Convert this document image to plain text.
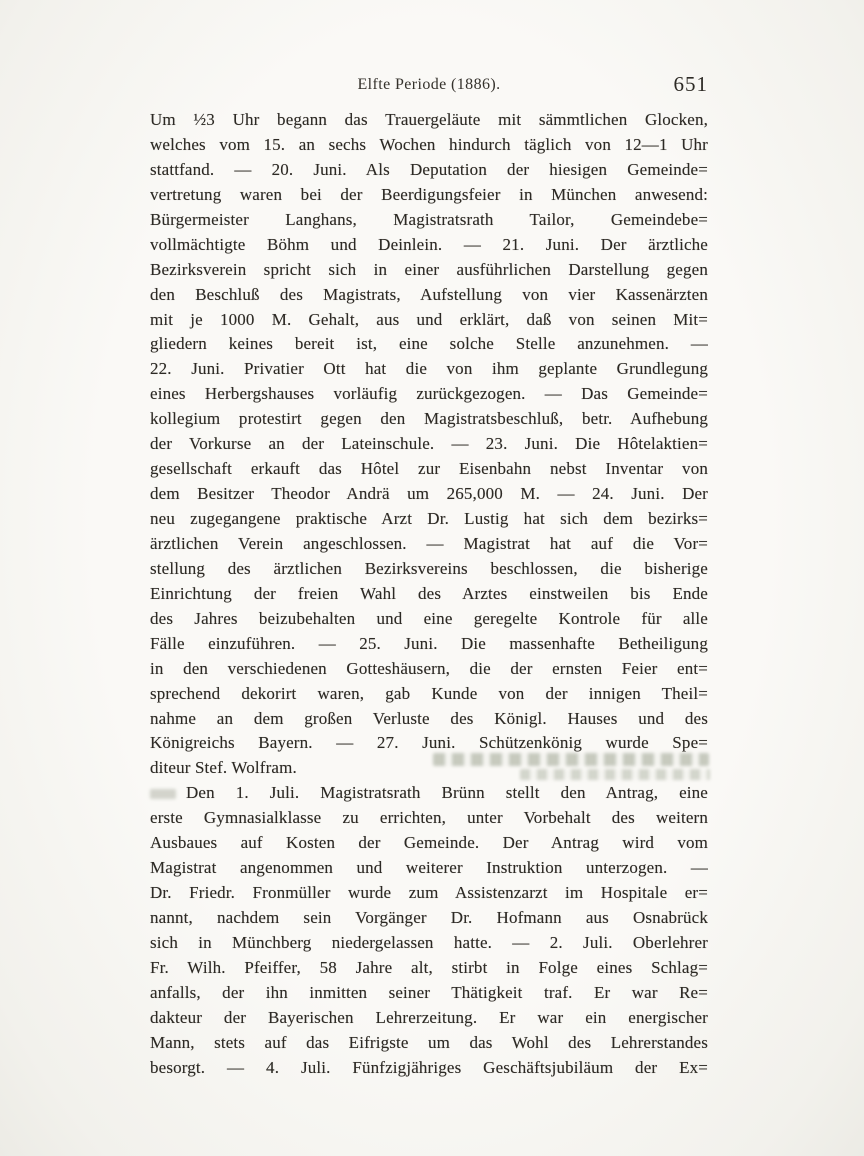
Elfte Periode (1886).	651
Um ½3 Uhr begann das Trauergeläute mit sämmtlichen Glocken,
welches vom 15. an sechs Wochen hindurch täglich von 12—1 Uhr
stattfand. — 20. Juni. Als Deputation der hiesigen Gemeinde=
vertretung waren bei der Beerdigungsfeier in München anwesend:
Bürgermeister Langhans, Magistratsrath Tailor, Gemeindebe=
vollmächtigte Böhm und Deinlein. — 21. Juni. Der ärztliche
Bezirksverein spricht sich in einer ausführlichen Darstellung gegen
den Beschluß des Magistrats, Aufstellung von vier Kassenärzten
mit je 1000 M. Gehalt, aus und erklärt, daß von seinen Mit=
gliedern keines bereit ist, eine solche Stelle anzunehmen. —
22. Juni. Privatier Ott hat die von ihm geplante Grundlegung
eines Herbergshauses vorläufig zurückgezogen. — Das Gemeinde=
kollegium protestirt gegen den Magistratsbeschluß, betr. Aufhebung
der Vorkurse an der Lateinschule. — 23. Juni. Die Hôtelaktien=
gesellschaft erkauft das Hôtel zur Eisenbahn nebst Inventar von
dem Besitzer Theodor Andrä um 265,000 M. — 24. Juni. Der
neu zugegangene praktische Arzt Dr. Lustig hat sich dem bezirks=
ärztlichen Verein angeschlossen. — Magistrat hat auf die Vor=
stellung des ärztlichen Bezirksvereins beschlossen, die bisherige
Einrichtung der freien Wahl des Arztes einstweilen bis Ende
des Jahres beizubehalten und eine geregelte Kontrole für alle
Fälle einzuführen. — 25. Juni. Die massenhafte Betheiligung
in den verschiedenen Gotteshäusern, die der ernsten Feier ent=
sprechend dekorirt waren, gab Kunde von der innigen Theil=
nahme an dem großen Verluste des Königl. Hauses und des
Königreichs Bayern. — 27. Juni. Schützenkönig wurde Spe=
diteur Stef. Wolfram.
Den 1. Juli. Magistratsrath Brünn stellt den Antrag, eine
erste Gymnasialklasse zu errichten, unter Vorbehalt des weitern
Ausbaues auf Kosten der Gemeinde. Der Antrag wird vom
Magistrat angenommen und weiterer Instruktion unterzogen. —
Dr. Friedr. Fronmüller wurde zum Assistenzarzt im Hospitale er=
nannt, nachdem sein Vorgänger Dr. Hofmann aus Osnabrück
sich in Münchberg niedergelassen hatte. — 2. Juli. Oberlehrer
Fr. Wilh. Pfeiffer, 58 Jahre alt, stirbt in Folge eines Schlag=
anfalls, der ihn inmitten seiner Thätigkeit traf. Er war Re=
dakteur der Bayerischen Lehrerzeitung. Er war ein energischer
Mann, stets auf das Eifrigste um das Wohl des Lehrerstandes
besorgt. — 4. Juli. Fünfzigjähriges Geschäftsjubiläum der Ex=
